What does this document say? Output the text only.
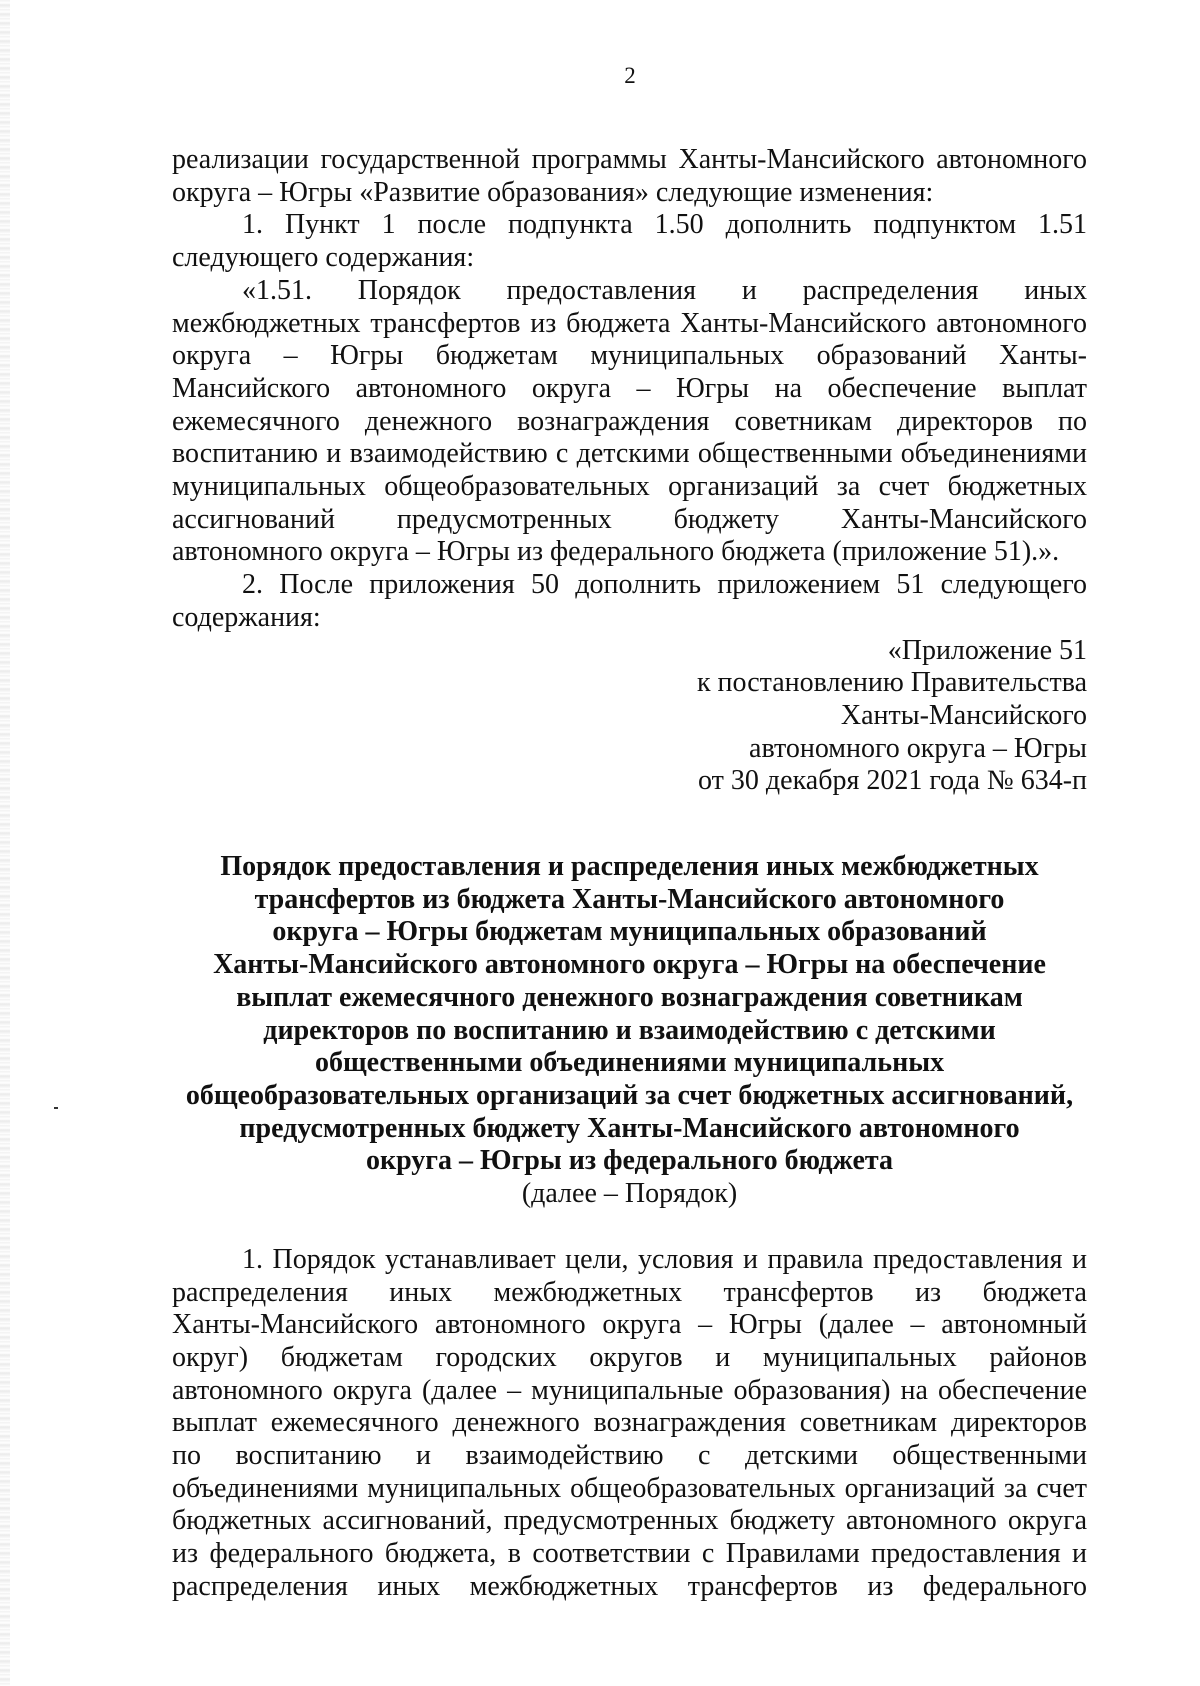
2

реализации государственной программы Ханты-Мансийского автономного

округа – Югры «Развитие образования» следующие изменения:

1. Пункт 1 после подпункта 1.50 дополнить подпунктом 1.51

следующего содержания:

«1.51. Порядок предоставления и распределения иных

межбюджетных трансфертов из бюджета Ханты-Мансийского автономного

округа – Югры бюджетам муниципальных образований Ханты-

Мансийского автономного округа – Югры на обеспечение выплат

ежемесячного денежного вознаграждения советникам директоров по

воспитанию и взаимодействию с детскими общественными объединениями

муниципальных общеобразовательных организаций за счет бюджетных

ассигнований предусмотренных бюджету Ханты-Мансийского

автономного округа – Югры из федерального бюджета (приложение 51).».

2. После приложения 50 дополнить приложением 51 следующего

содержания:

«Приложение 51

к постановлению Правительства

Ханты-Мансийского

автономного округа – Югры

от 30 декабря 2021 года № 634-п

Порядок предоставления и распределения иных межбюджетных

трансфертов из бюджета Ханты-Мансийского автономного

округа – Югры бюджетам муниципальных образований

Ханты-Мансийского автономного округа – Югры на обеспечение

выплат ежемесячного денежного вознаграждения советникам

директоров по воспитанию и взаимодействию с детскими

общественными объединениями муниципальных

общеобразовательных организаций за счет бюджетных ассигнований,

предусмотренных бюджету Ханты-Мансийского автономного

округа – Югры из федерального бюджета

(далее – Порядок)

1. Порядок устанавливает цели, условия и правила предоставления и

распределения иных межбюджетных трансфертов из бюджета

Ханты-Мансийского автономного округа – Югры (далее – автономный

округ) бюджетам городских округов и муниципальных районов

автономного округа (далее – муниципальные образования) на обеспечение

выплат ежемесячного денежного вознаграждения советникам директоров

по воспитанию и взаимодействию с детскими общественными

объединениями муниципальных общеобразовательных организаций за счет

бюджетных ассигнований, предусмотренных бюджету автономного округа

из федерального бюджета, в соответствии с Правилами предоставления и

распределения иных межбюджетных трансфертов из федерального
